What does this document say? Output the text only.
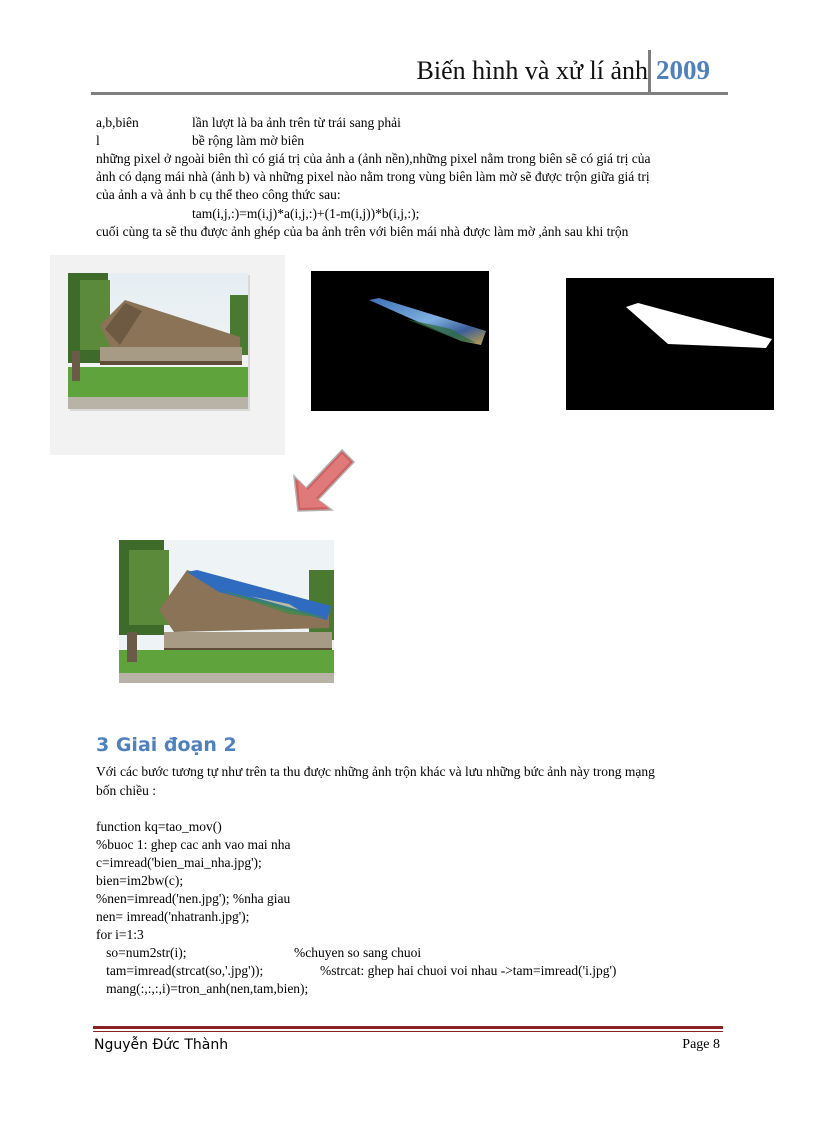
Biến hình và xử lí ảnh 2009
a,b,biên	lần lượt là ba ảnh trên từ trái sang phải
l	bề rộng làm mờ biên
những pixel ở ngoài biên thì có giá trị của ảnh a (ảnh nền),những pixel nằm trong biên sẽ có giá trị của
ảnh có dạng mái nhà (ảnh b) và những pixel nào nằm trong vùng biên làm mờ sẽ được trộn giữa giá trị
của ảnh a và ảnh b cụ thể theo công thức sau:
tam(i,j,:)=m(i,j)*a(i,j,:)+(1-m(i,j))*b(i,j,:);
cuối cùng ta sẽ thu được ảnh ghép của ba ảnh trên với biên mái nhà được làm mờ ,ảnh sau khi trộn
3 Giai đoạn 2
Với các bước tương tự như trên ta thu được những ảnh trộn khác và lưu những bức ảnh này trong mạng
bốn chiều :
function kq=tao_mov()
%buoc 1: ghep cac anh vao mai nha
c=imread('bien_mai_nha.jpg');
bien=im2bw(c);
%nen=imread('nen.jpg'); %nha giau
nen= imread('nhatranh.jpg');
for i=1:3
so=num2str(i);	%chuyen so sang chuoi
tam=imread(strcat(so,'.jpg'));	%strcat: ghep hai chuoi voi nhau ->tam=imread('i.jpg')
mang(:,:,:,i)=tron_anh(nen,tam,bien);
Nguyễn Đức Thành	Page 8
